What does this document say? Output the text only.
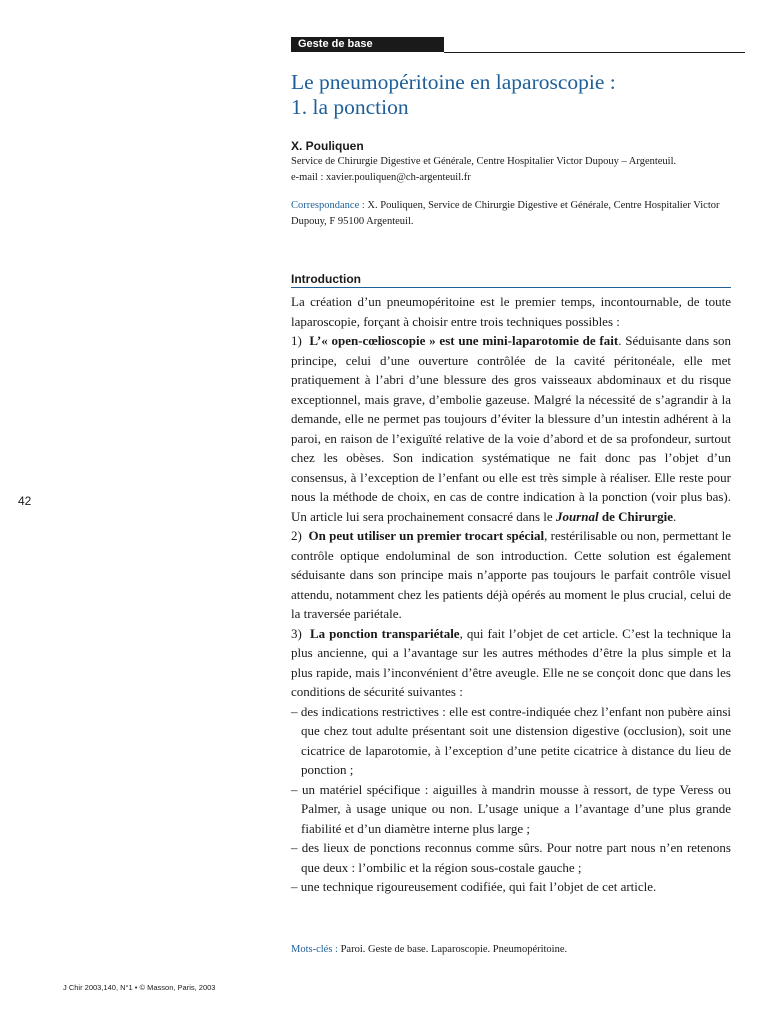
Geste de base
Le pneumopéritoine en laparoscopie :
1. la ponction
X. Pouliquen
Service de Chirurgie Digestive et Générale, Centre Hospitalier Victor Dupouy – Argenteuil.
e-mail : xavier.pouliquen@ch-argenteuil.fr
Correspondance : X. Pouliquen, Service de Chirurgie Digestive et Générale, Centre Hospitalier Victor Dupouy, F 95100 Argenteuil.
Introduction

La création d’un pneumopéritoine est le premier temps, incontournable, de toute laparoscopie, forçant à choisir entre trois techniques possibles :

1) L’« open-cœlioscopie » est une mini-laparotomie de fait. Séduisante dans son principe, celui d’une ouverture contrôlée de la cavité péritonéale, elle met pratiquement à l’abri d’une blessure des gros vaisseaux abdominaux et du risque exceptionnel, mais grave, d’embolie gazeuse. Malgré la nécessité de s’agrandir à la demande, elle ne permet pas toujours d’éviter la blessure d’un intestin adhérent à la paroi, en raison de l’exiguïté relative de la voie d’abord et de sa profondeur, surtout chez les obèses. Son indication systématique ne fait donc pas l’objet d’un consensus, à l’exception de l’enfant ou elle est très simple à réaliser. Elle reste pour nous la méthode de choix, en cas de contre indication à la ponction (voir plus bas). Un article lui sera prochainement consacré dans le Journal de Chirurgie.

2) On peut utiliser un premier trocart spécial, restérilisable ou non, permettant le contrôle optique endoluminal de son introduction. Cette solution est également séduisante dans son principe mais n’apporte pas toujours le parfait contrôle visuel attendu, notamment chez les patients déjà opérés au moment le plus crucial, celui de la traversée pariétale.

3) La ponction transpariétale, qui fait l’objet de cet article. C’est la technique la plus ancienne, qui a l’avantage sur les autres méthodes d’être la plus simple et la plus rapide, mais l’inconvénient d’être aveugle. Elle ne se conçoit donc que dans les conditions de sécurité suivantes :

– des indications restrictives : elle est contre-indiquée chez l’enfant non pubère ainsi que chez tout adulte présentant soit une distension digestive (occlusion), soit une cicatrice de laparotomie, à l’exception d’une petite cicatrice à distance du lieu de ponction ;

– un matériel spécifique : aiguilles à mandrin mousse à ressort, de type Veress ou Palmer, à usage unique ou non. L’usage unique a l’avantage d’une plus grande fiabilité et d’un diamètre interne plus large ;

– des lieux de ponctions reconnus comme sûrs. Pour notre part nous n’en retenons que deux : l’ombilic et la région sous-costale gauche ;

– une technique rigoureusement codifiée, qui fait l’objet de cet article.

Mots-clés : Paroi. Geste de base. Laparoscopie. Pneumopéritoine.
42
J Chir 2003,140, N°1 • © Masson, Paris, 2003
